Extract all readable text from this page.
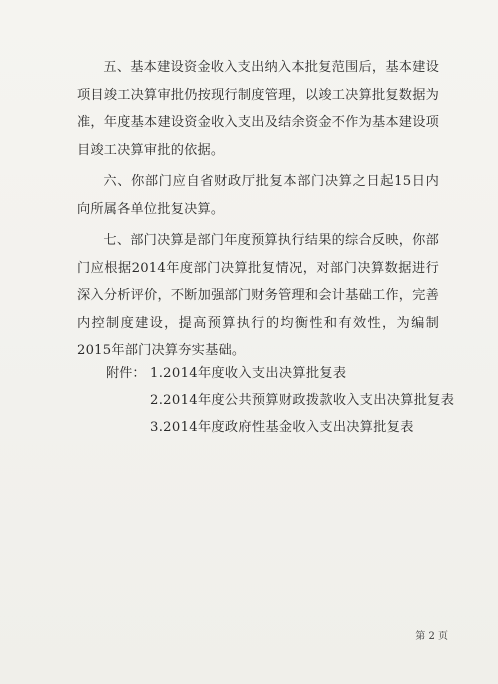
五、基本建设资金收入支出纳入本批复范围后，基本建设项目竣工决算审批仍按现行制度管理，以竣工决算批复数据为准，年度基本建设资金收入支出及结余资金不作为基本建设项目竣工决算审批的依据。

六、你部门应自省财政厅批复本部门决算之日起15日内向所属各单位批复决算。

七、部门决算是部门年度预算执行结果的综合反映，你部门应根据2014年度部门决算批复情况，对部门决算数据进行深入分析评价，不断加强部门财务管理和会计基础工作，完善内控制度建设，提高预算执行的均衡性和有效性，为编制2015年部门决算夯实基础。

附件： 1.2014年度收入支出决算批复表
2.2014年度公共预算财政拨款收入支出决算批复表
3.2014年度政府性基金收入支出决算批复表
第 2 页
